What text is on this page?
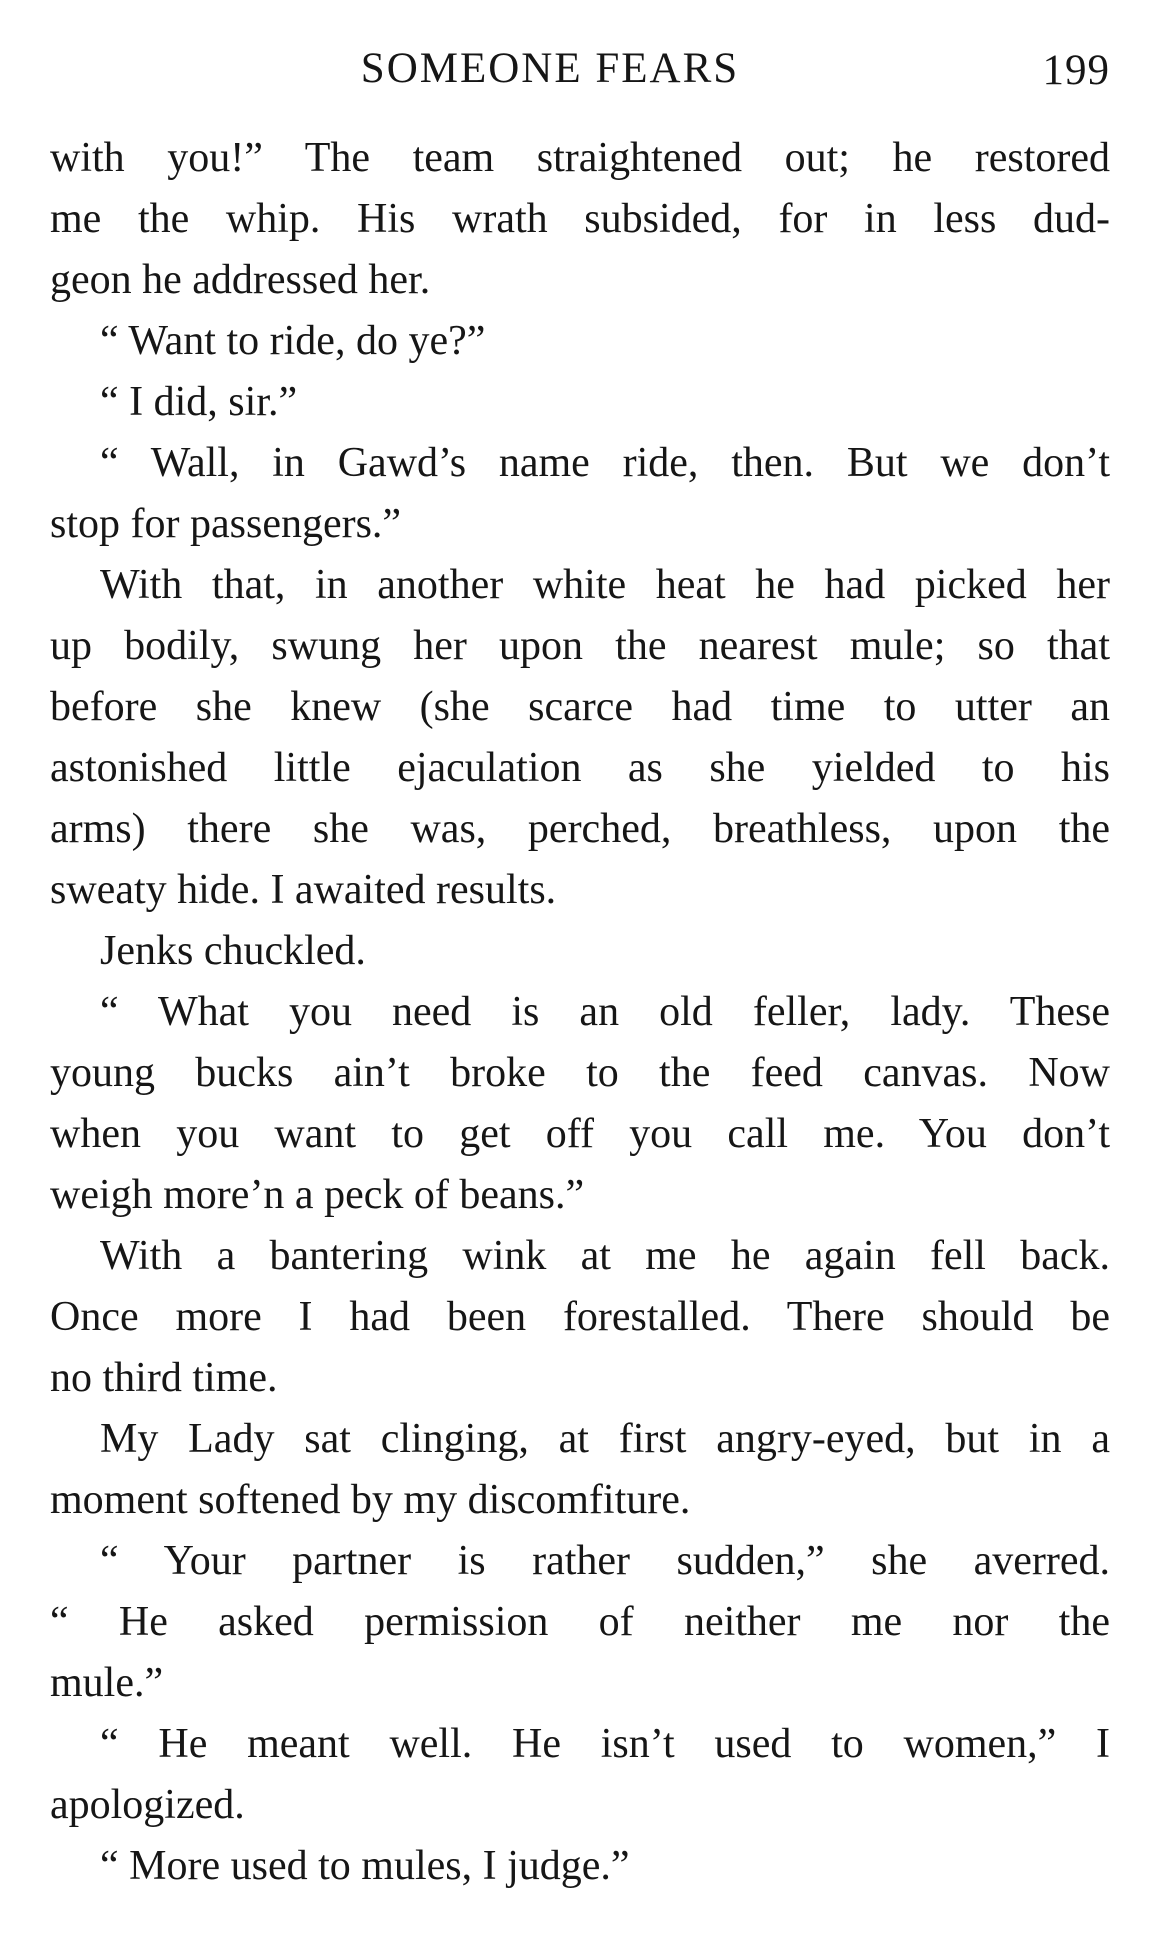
SOMEONE FEARS	199
with you!” The team straightened out; he restored
me the whip. His wrath subsided, for in less dud-
geon he addressed her.
“ Want to ride, do ye?”
“ I did, sir.”
“ Wall, in Gawd’s name ride, then. But we don’t
stop for passengers.”
With that, in another white heat he had picked her
up bodily, swung her upon the nearest mule; so that
before she knew (she scarce had time to utter an
astonished little ejaculation as she yielded to his
arms) there she was, perched, breathless, upon the
sweaty hide. I awaited results.
Jenks chuckled.
“ What you need is an old feller, lady. These
young bucks ain’t broke to the feed canvas. Now
when you want to get off you call me. You don’t
weigh more’n a peck of beans.”
With a bantering wink at me he again fell back.
Once more I had been forestalled. There should be
no third time.
My Lady sat clinging, at first angry-eyed, but in a
moment softened by my discomfiture.
“ Your partner is rather sudden,” she averred.
“ He asked permission of neither me nor the
mule.”
“ He meant well. He isn’t used to women,” I
apologized.
“ More used to mules, I judge.”
